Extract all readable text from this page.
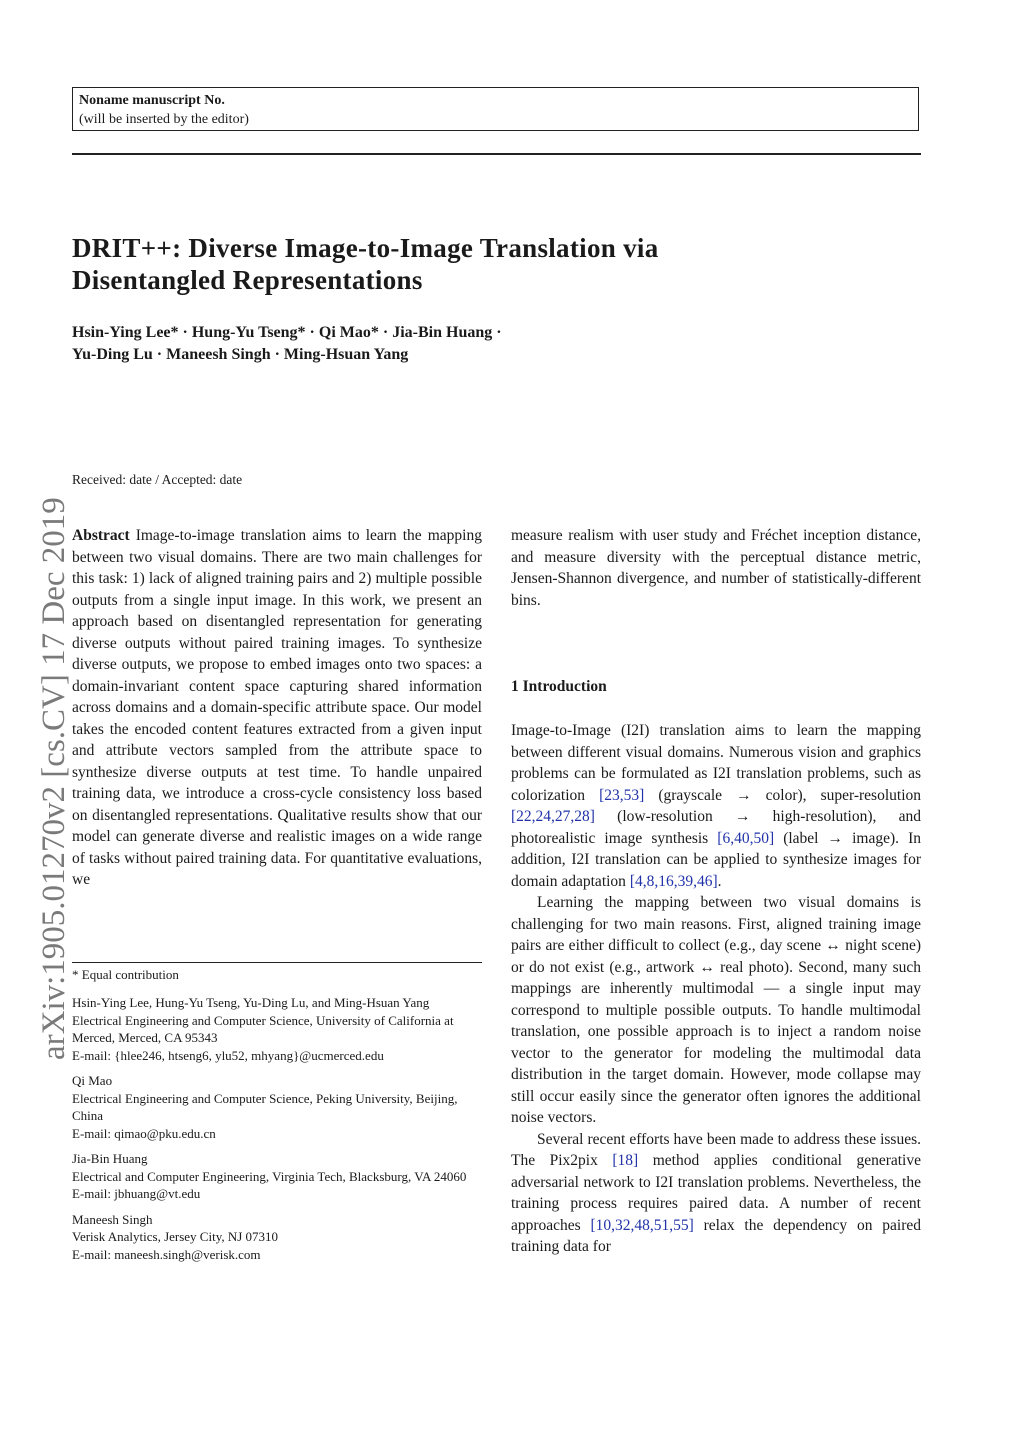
Noname manuscript No.
(will be inserted by the editor)
DRIT++: Diverse Image-to-Image Translation via
Disentangled Representations
Hsin-Ying Lee* · Hung-Yu Tseng* · Qi Mao* · Jia-Bin Huang ·
Yu-Ding Lu · Maneesh Singh · Ming-Hsuan Yang
Received: date / Accepted: date
arXiv:1905.01270v2 [cs.CV] 17 Dec 2019 Abstract Image-to-image translation aims to learn the mapping between two visual domains. There are two main challenges for this task: 1) lack of aligned training pairs and 2) multiple possible outputs from a single input image. In this work, we present an approach based on disentangled representation for generating diverse outputs without paired training images. To synthesize diverse outputs, we propose to embed images onto two spaces: a domain-invariant content space capturing shared information across domains and a domain-specific attribute space. Our model takes the encoded content features extracted from a given input and attribute vectors sampled from the attribute space to synthesize diverse outputs at test time. To handle unpaired training data, we introduce a cross-cycle consistency loss based on disentangled representations. Qualitative results show that our model can generate diverse and realistic images on a wide range of tasks without paired training data. For quantitative evaluations, we

* Equal contribution
Hsin-Ying Lee, Hung-Yu Tseng, Yu-Ding Lu, and Ming-Hsuan Yang
Electrical Engineering and Computer Science, University of California at Merced, Merced, CA 95343
E-mail: {hlee246, htseng6, ylu52, mhyang}@ucmerced.edu
Qi Mao
Electrical Engineering and Computer Science, Peking University, Beijing, China
E-mail: qimao@pku.edu.cn
Jia-Bin Huang
Electrical and Computer Engineering, Virginia Tech, Blacksburg, VA 24060
E-mail: jbhuang@vt.edu
Maneesh Singh
Verisk Analytics, Jersey City, NJ 07310
E-mail: maneesh.singh@verisk.com
measure realism with user study and Fréchet inception distance, and measure diversity with the perceptual distance metric, Jensen-Shannon divergence, and number of statistically-different bins.
1 Introduction

Image-to-Image (I2I) translation aims to learn the mapping between different visual domains. Numerous vision and graphics problems can be formulated as I2I translation problems, such as colorization [23,53] (grayscale → color), super-resolution [22,24,27,28] (low-resolution → high-resolution), and photorealistic image synthesis [6,40,50] (label → image). In addition, I2I translation can be applied to synthesize images for domain adaptation [4,8,16,39,46].

Learning the mapping between two visual domains is challenging for two main reasons. First, aligned training image pairs are either difficult to collect (e.g., day scene ↔ night scene) or do not exist (e.g., artwork ↔ real photo). Second, many such mappings are inherently multimodal — a single input may correspond to multiple possible outputs. To handle multimodal translation, one possible approach is to inject a random noise vector to the generator for modeling the multimodal data distribution in the target domain. However, mode collapse may still occur easily since the generator often ignores the additional noise vectors.

Several recent efforts have been made to address these issues. The Pix2pix [18] method applies conditional generative adversarial network to I2I translation problems. Nevertheless, the training process requires paired data. A number of recent approaches [10,32,48,51,55] relax the dependency on paired training data for
